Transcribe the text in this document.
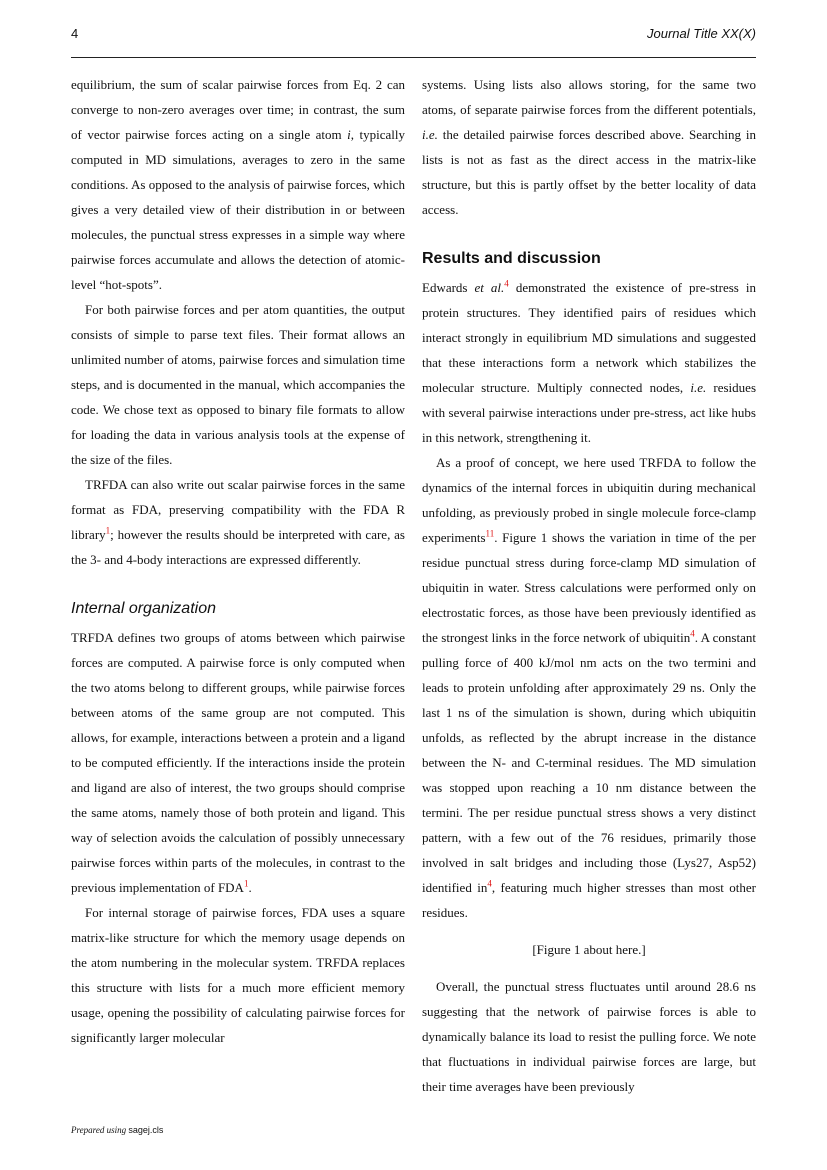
4	Journal Title XX(X)

equilibrium, the sum of scalar pairwise forces from Eq. 2 can converge to non-zero averages over time; in contrast, the sum of vector pairwise forces acting on a single atom i, typically computed in MD simulations, averages to zero in the same conditions. As opposed to the analysis of pairwise forces, which gives a very detailed view of their distribution in or between molecules, the punctual stress expresses in a simple way where pairwise forces accumulate and allows the detection of atomic-level “hot-spots”.

For both pairwise forces and per atom quantities, the output consists of simple to parse text files. Their format allows an unlimited number of atoms, pairwise forces and simulation time steps, and is documented in the manual, which accompanies the code. We chose text as opposed to binary file formats to allow for loading the data in various analysis tools at the expense of the size of the files.

TRFDA can also write out scalar pairwise forces in the same format as FDA, preserving compatibility with the FDA R library$^1$; however the results should be interpreted with care, as the 3- and 4-body interactions are expressed differently.

Internal organization

TRFDA defines two groups of atoms between which pairwise forces are computed. A pairwise force is only computed when the two atoms belong to different groups, while pairwise forces between atoms of the same group are not computed. This allows, for example, interactions between a protein and a ligand to be computed efficiently. If the interactions inside the protein and ligand are also of interest, the two groups should comprise the same atoms, namely those of both protein and ligand. This way of selection avoids the calculation of possibly unnecessary pairwise forces within parts of the molecules, in contrast to the previous implementation of FDA$^1$.

For internal storage of pairwise forces, FDA uses a square matrix-like structure for which the memory usage depends on the atom numbering in the molecular system. TRFDA replaces this structure with lists for a much more efficient memory usage, opening the possibility of calculating pairwise forces for significantly larger molecular

systems. Using lists also allows storing, for the same two atoms, of separate pairwise forces from the different potentials, i.e. the detailed pairwise forces described above. Searching in lists is not as fast as the direct access in the matrix-like structure, but this is partly offset by the better locality of data access.

Results and discussion

Edwards et al.$^4$ demonstrated the existence of pre-stress in protein structures. They identified pairs of residues which interact strongly in equilibrium MD simulations and suggested that these interactions form a network which stabilizes the molecular structure. Multiply connected nodes, i.e. residues with several pairwise interactions under pre-stress, act like hubs in this network, strengthening it.

As a proof of concept, we here used TRFDA to follow the dynamics of the internal forces in ubiquitin during mechanical unfolding, as previously probed in single molecule force-clamp experiments$^{11}$. Figure 1 shows the variation in time of the per residue punctual stress during force-clamp MD simulation of ubiquitin in water. Stress calculations were performed only on electrostatic forces, as those have been previously identified as the strongest links in the force network of ubiquitin$^4$. A constant pulling force of 400 kJ/mol nm acts on the two termini and leads to protein unfolding after approximately 29 ns. Only the last 1 ns of the simulation is shown, during which ubiquitin unfolds, as reflected by the abrupt increase in the distance between the N- and C-terminal residues. The MD simulation was stopped upon reaching a 10 nm distance between the termini. The per residue punctual stress shows a very distinct pattern, with a few out of the 76 residues, primarily those involved in salt bridges and including those (Lys27, Asp52) identified in$^4$, featuring much higher stresses than most other residues.

[Figure 1 about here.]

Overall, the punctual stress fluctuates until around 28.6 ns suggesting that the network of pairwise forces is able to dynamically balance its load to resist the pulling force. We note that fluctuations in individual pairwise forces are large, but their time averages have been previously

Prepared using sagej.cls
